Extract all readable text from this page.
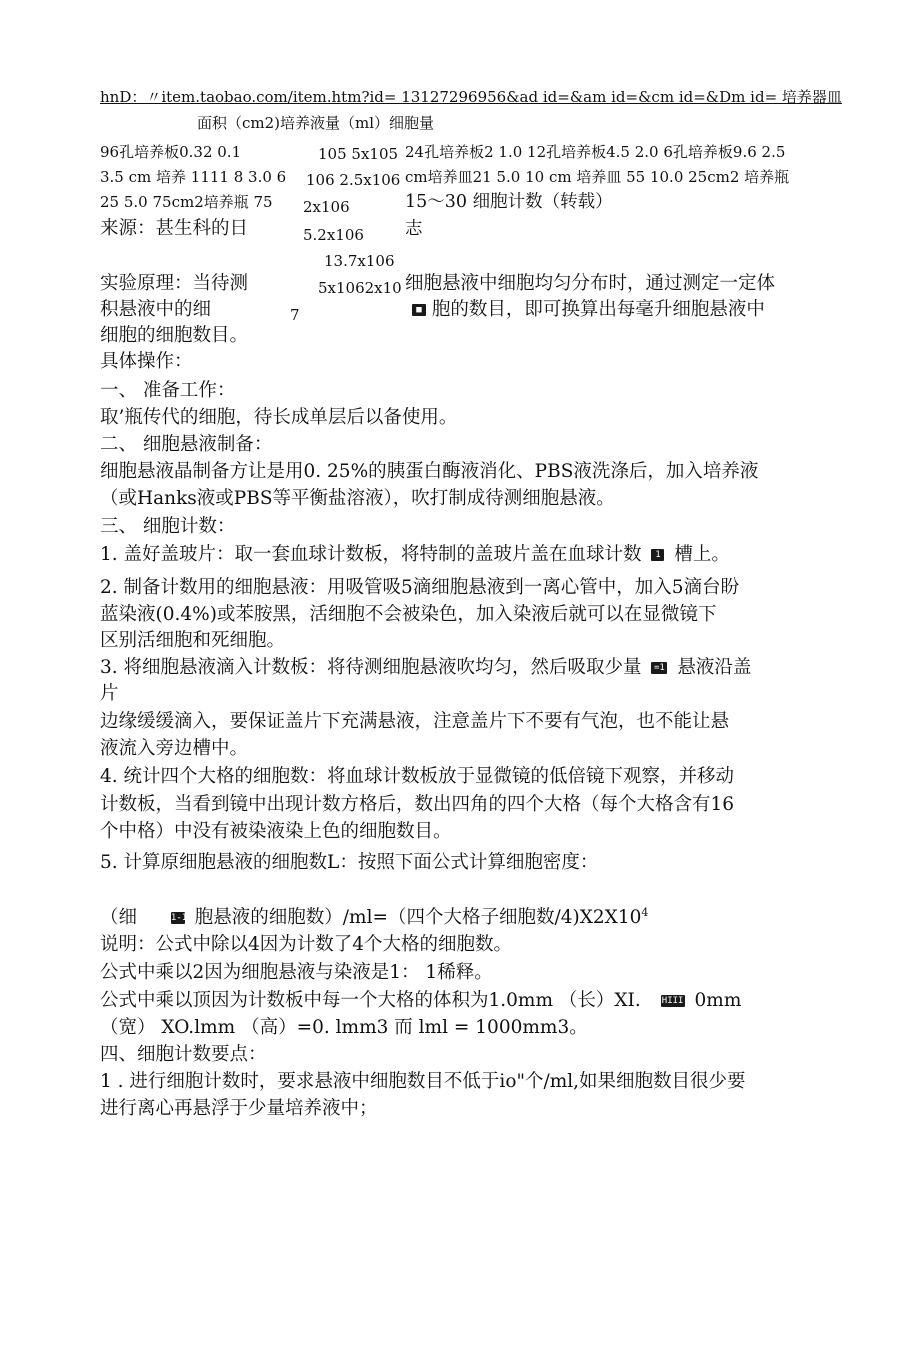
hnD：〃item.taobao.com/item.htm?id= 13127296956&ad id=&am id=&cm id=&Dm id= 培养器皿
面积（cm2)培养液量（ml）细胞量
96孔培养板0.32 0.1
3.5 cm 培养 1111 8 3.0 6
25 5.0 75cm2培养瓶 75
来源：甚生科的日
105 5x105
106 2.5x106
2x106
5.2x106
13.7x106
5x1062x10
7
24孔培养板2 1.0 12孔培养板4.5 2.0 6孔培养板9.6 2.5
cm培养皿21 5.0 10 cm 培养皿 55 10.0 25cm2 培养瓶
15〜30 细胞计数（转载）
志
实验原理：当待测
积悬液中的细
细胞悬液中细胞均匀分布时，通过测定一定体
■ 胞的数目，即可换算出每毫升细胞悬液中
细胞的细胞数目。
具体操作：
一、 准备工作：
取’瓶传代的细胞，待长成单层后以备使用。
二、 细胞悬液制备：
细胞悬液晶制备方让是用0. 25%的胰蛋白酶液消化、PBS液洗涤后，加入培养液
（或Hanks液或PBS等平衡盐溶液），吹打制成待测细胞悬液。
三、 细胞计数：
1. 盖好盖玻片：取一套血球计数板，将特制的盖玻片盖在血球计数 1 槽上。
2. 制备计数用的细胞悬液：用吸管吸5滴细胞悬液到一离心管中，加入5滴台盼
蓝染液(0.4%)或苯胺黑，活细胞不会被染色，加入染液后就可以在显微镜下
区别活细胞和死细胞。
3. 将细胞悬液滴入计数板：将待测细胞悬液吹均匀，然后吸取少量 =1 悬液沿盖
片
边缘缓缓滴入，要保证盖片下充满悬液，注意盖片下不要有气泡，也不能让悬
液流入旁边槽中。
4. 统计四个大格的细胞数：将血球计数板放于显微镜的低倍镜下观察，并移动
计数板，当看到镜中出现计数方格后，数出四角的四个大格（每个大格含有16
个中格）中没有被染液染上色的细胞数目。
5. 计算原细胞悬液的细胞数L：按照下面公式计算细胞密度：
（细	1-1 胞悬液的细胞数）/ml=（四个大格子细胞数$/4)X2X10^4$
说明：公式中除以4因为计数了4个大格的细胞数。
公式中乘以2因为细胞悬液与染液是1： 1稀释。
公式中乘以顶因为计数板中每一个大格的体积为1.0mm （长）XI. HIII 0mm
（宽） XO.lmm （高）=0. lmm3 而 lml = 1000mm3。
四、细胞计数要点：
1 . 进行细胞计数时，要求悬液中细胞数目不低于io"个/ml,如果细胞数目很少要
进行离心再悬浮于少量培养液中；
